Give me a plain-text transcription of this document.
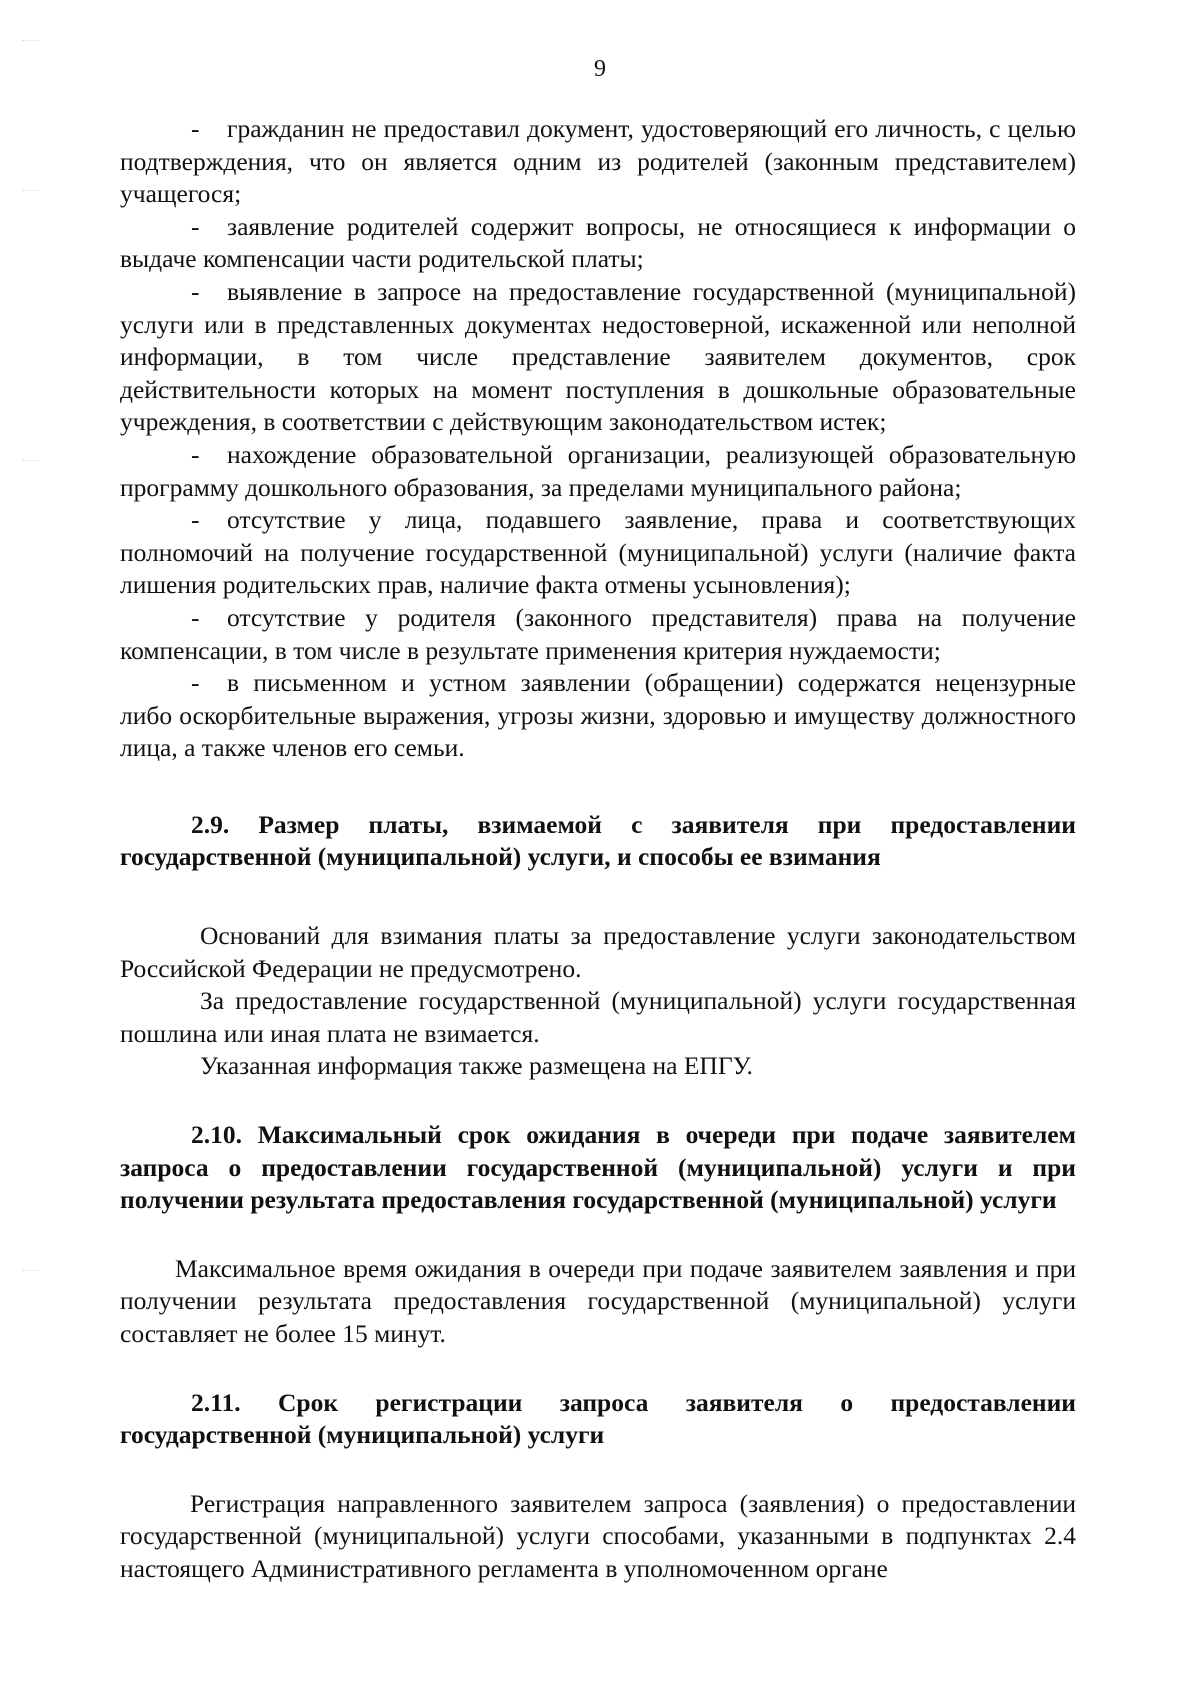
9

- гражданин не предоставил документ, удостоверяющий его личность, с целью подтверждения, что он является одним из родителей (законным представителем) учащегося;

- заявление родителей содержит вопросы, не относящиеся к информации о выдаче компенсации части родительской платы;

- выявление в запросе на предоставление государственной (муниципальной) услуги или в представленных документах недостоверной, искаженной или неполной информации, в том числе представление заявителем документов, срок действительности которых на момент поступления в дошкольные образовательные учреждения, в соответствии с действующим законодательством истек;

- нахождение образовательной организации, реализующей образовательную программу дошкольного образования, за пределами муниципального района;

- отсутствие у лица, подавшего заявление, права и соответствующих полномочий на получение государственной (муниципальной) услуги (наличие факта лишения родительских прав, наличие факта отмены усыновления);

- отсутствие у родителя (законного представителя) права на получение компенсации, в том числе в результате применения критерия нуждаемости;

- в письменном и устном заявлении (обращении) содержатся нецензурные либо оскорбительные выражения, угрозы жизни, здоровью и имуществу должностного лица, а также членов его семьи.

2.9. Размер платы, взимаемой с заявителя при предоставлении государственной (муниципальной) услуги, и способы ее взимания

Оснований для взимания платы за предоставление услуги законодательством Российской Федерации не предусмотрено.

За предоставление государственной (муниципальной) услуги государственная пошлина или иная плата не взимается.

Указанная информация также размещена на ЕПГУ.

2.10. Максимальный срок ожидания в очереди при подаче заявителем запроса о предоставлении государственной (муниципальной) услуги и при получении результата предоставления государственной (муниципальной) услуги

Максимальное время ожидания в очереди при подаче заявителем заявления и при получении результата предоставления государственной (муниципальной) услуги составляет не более 15 минут.

2.11. Срок регистрации запроса заявителя о предоставлении государственной (муниципальной) услуги

Регистрация направленного заявителем запроса (заявления) о предоставлении государственной (муниципальной) услуги способами, указанными в подпунктах 2.4 настоящего Административного регламента в уполномоченном органе
